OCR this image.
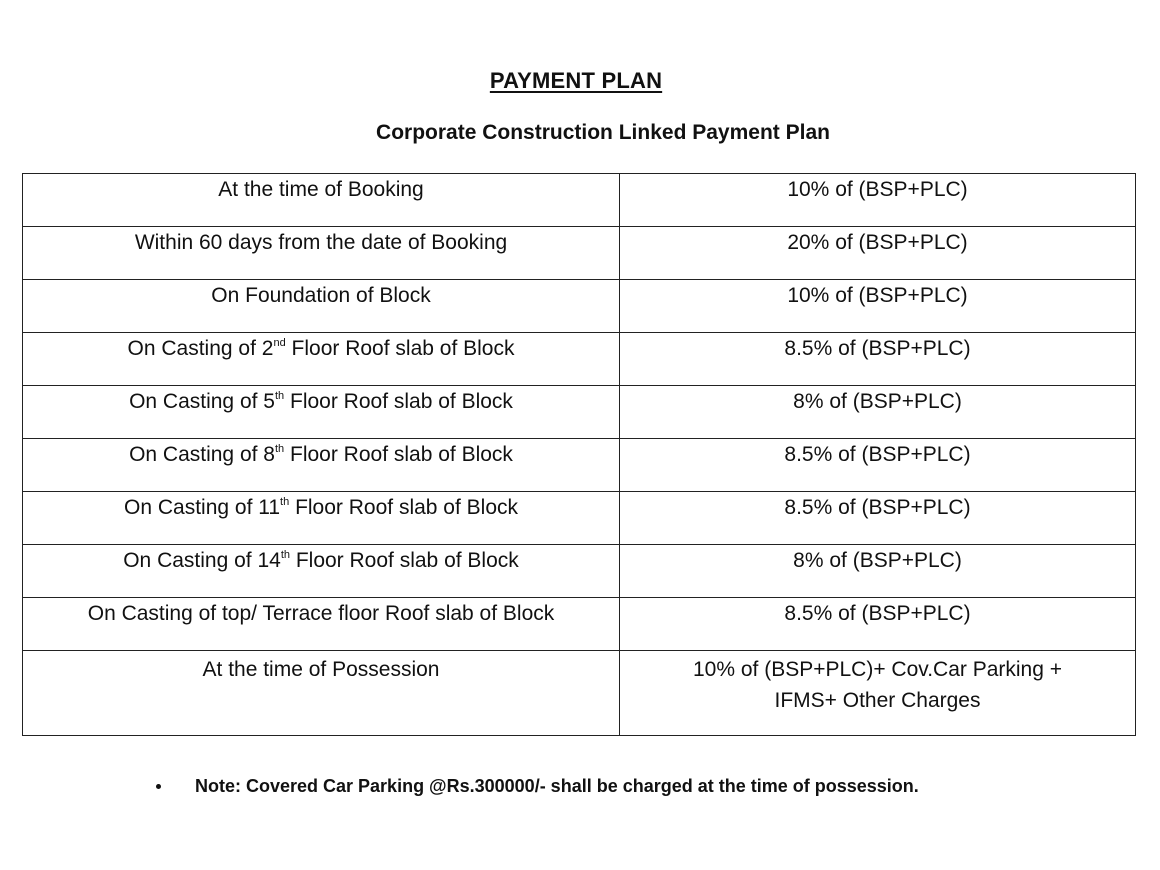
PAYMENT PLAN
Corporate Construction Linked Payment Plan
At the time of Booking	10% of (BSP+PLC)
Within 60 days from the date of Booking	20% of (BSP+PLC)
On Foundation of Block	10% of (BSP+PLC)
On Casting of 2nd Floor Roof slab of Block	8.5% of (BSP+PLC)
On Casting of 5th Floor Roof slab of Block	8% of (BSP+PLC)
On Casting of 8th Floor Roof slab of Block	8.5% of (BSP+PLC)
On Casting of 11th Floor Roof slab of Block	8.5% of (BSP+PLC)
On Casting of 14th Floor Roof slab of Block	8% of (BSP+PLC)
On Casting of top/ Terrace floor Roof slab of Block	8.5% of (BSP+PLC)
At the time of Possession	10% of (BSP+PLC)+ Cov.Car Parking +
IFMS+ Other Charges
Note: Covered Car Parking @Rs.300000/- shall be charged at the time of possession.
